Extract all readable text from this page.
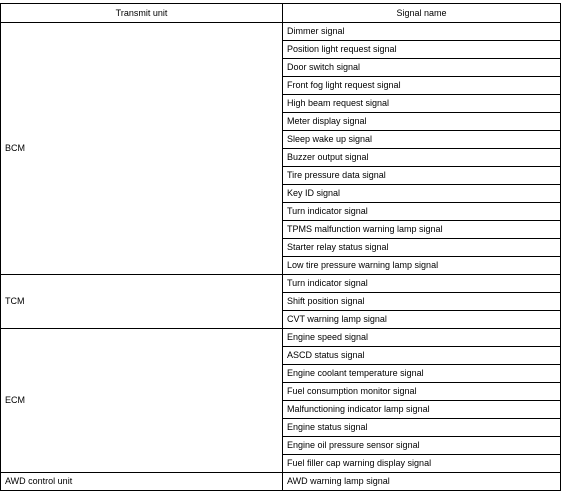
Transmit unit	Signal name
BCM	Dimmer signal
	Position light request signal
	Door switch signal
	Front fog light request signal
	High beam request signal
	Meter display signal
	Sleep wake up signal
	Buzzer output signal
	Tire pressure data signal
	Key ID signal
	Turn indicator signal
	TPMS malfunction warning lamp signal
	Starter relay status signal
	Low tire pressure warning lamp signal
TCM	Turn indicator signal
	Shift position signal
	CVT warning lamp signal
ECM	Engine speed signal
	ASCD status signal
	Engine coolant temperature signal
	Fuel consumption monitor signal
	Malfunctioning indicator lamp signal
	Engine status signal
	Engine oil pressure sensor signal
	Fuel filler cap warning display signal
AWD control unit	AWD warning lamp signal
